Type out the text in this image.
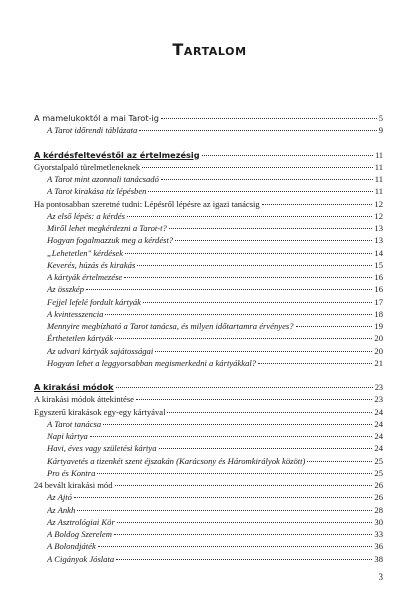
Tartalom
A mamelukoktól a mai Tarot-ig	5
A Tarot időrendi táblázata	9
A kérdésfeltevéstől az értelmezésig	11
Gyorstalpaló türelmetleneknek	11
A Tarot mint azonnali tanácsadó	11
A Tarot kirakása tíz lépésben	11
Ha pontosabban szeretné tudni: Lépésről lépésre az igazi tanácsig	12
Az első lépés: a kérdés	12
Miről lehet megkérdezni a Tarot-t?	13
Hogyan fogalmazzuk meg a kérdést?	13
„Lehetetlen" kérdések	14
Keverés, húzás és kirakás	15
A kártyák értelmezése	16
Az összkép	16
Fejjel lefelé fordult kártyák	17
A kvintesszencia	18
Mennyire megbízható a Tarot tanácsa, és milyen időtartamra érvényes?	19
Érthetetlen kártyák	20
Az udvari kártyák sajátosságai	20
Hogyan lehet a leggyorsabban megismerkedni a kártyákkal?	21
A kirakási módok	23
A kirakási módok áttekintése	23
Egyszerű kirakások egy-egy kártyával	24
A Tarot tanácsa	24
Napi kártya	24
Havi, éves vagy születési kártya	24
Kártyavetés a tizenkét szent éjszakán (Karácsony és Háromkirályok között)	25
Pro és Kontra	25
24 bevált kirakási mód	26
Az Ajtó	26
Az Ankh	28
Az Asztrológiai Kör	30
A Boldog Szerelem	33
A Bolondjáték	36
A Cigányok Jóslata	38
3
